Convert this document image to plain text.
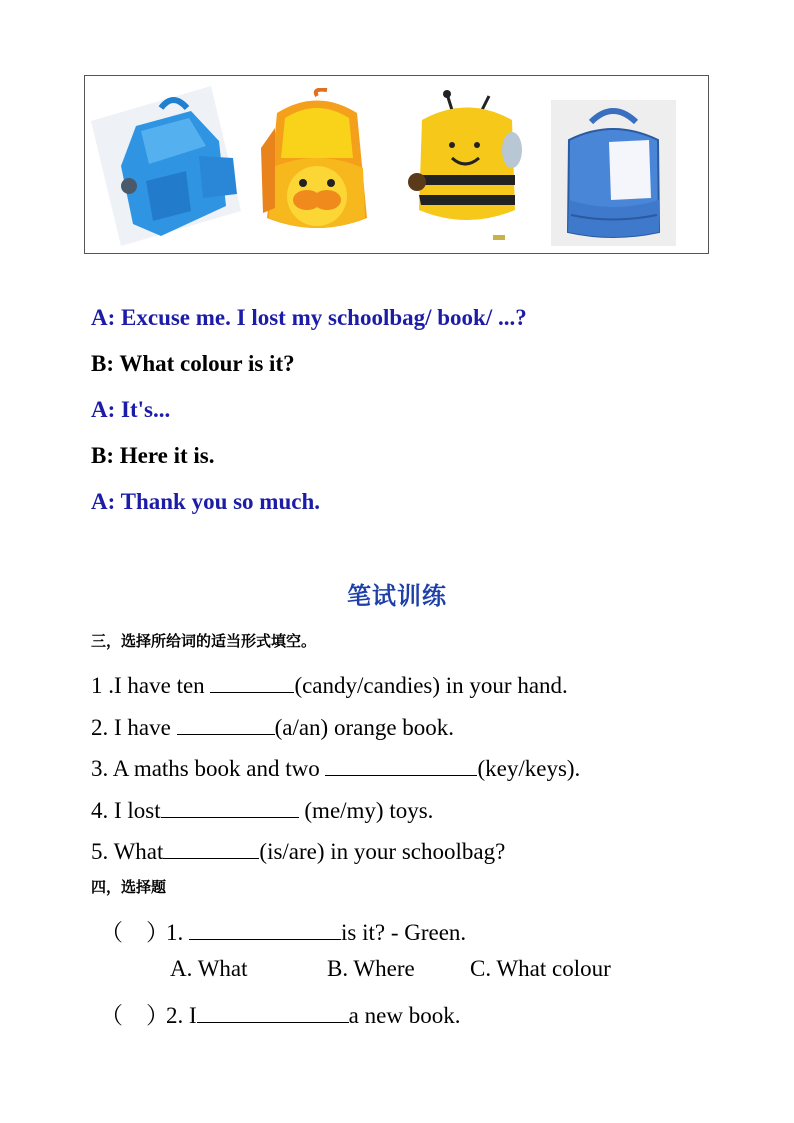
A: Excuse me. I lost my schoolbag/ book/ ...?
B: What colour is it?
A: It's...
B: Here it is.
A: Thank you so much.
笔试训练
三，选择所给词的适当形式填空。
1 .I have ten	(candy/candies) in your hand.
2. I have	(a/an) orange book.
3. A maths book and two	(key/keys).
4. I lost	(me/my) toys.
5. What	(is/are) in your schoolbag?
四，选择题
（　）1.	is it? - Green.
A. What	B. Where C. What colour
（　）2. I	a new book.
